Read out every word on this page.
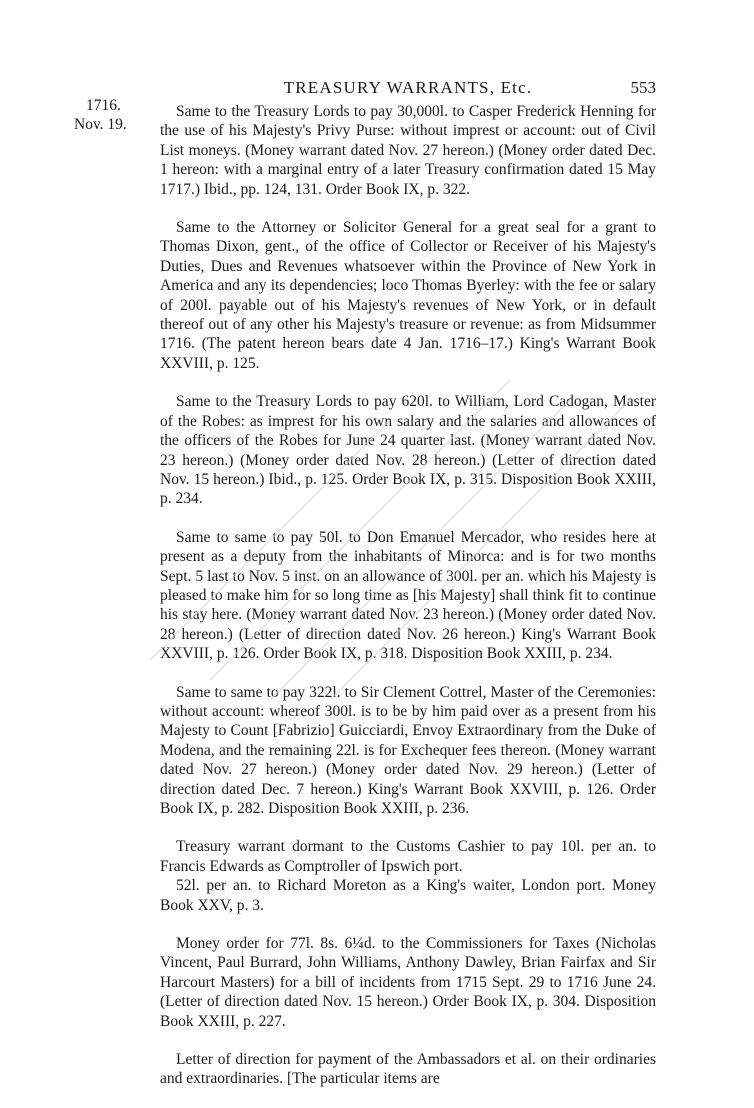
TREASURY WARRANTS, Etc.	553
1716.
Nov. 19.

Same to the Treasury Lords to pay 30,000l. to Casper Frederick Henning for the use of his Majesty's Privy Purse: without imprest or account: out of Civil List moneys. (Money warrant dated Nov. 27 hereon.) (Money order dated Dec. 1 hereon: with a marginal entry of a later Treasury confirmation dated 15 May 1717.) Ibid., pp. 124, 131. Order Book IX, p. 322.

Same to the Attorney or Solicitor General for a great seal for a grant to Thomas Dixon, gent., of the office of Collector or Receiver of his Majesty's Duties, Dues and Revenues whatsoever within the Province of New York in America and any its dependencies; loco Thomas Byerley: with the fee or salary of 200l. payable out of his Majesty's revenues of New York, or in default thereof out of any other his Majesty's treasure or revenue: as from Midsummer 1716. (The patent hereon bears date 4 Jan. 1716–17.) King's Warrant Book XXVIII, p. 125.

Same to the Treasury Lords to pay 620l. to William, Lord Cadogan, Master of the Robes: as imprest for his own salary and the salaries and allowances of the officers of the Robes for June 24 quarter last. (Money warrant dated Nov. 23 hereon.) (Money order dated Nov. 28 hereon.) (Letter of direction dated Nov. 15 hereon.) Ibid., p. 125. Order Book IX, p. 315. Disposition Book XXIII, p. 234.

Same to same to pay 50l. to Don Emanuel Mercador, who resides here at present as a deputy from the inhabitants of Minorca: and is for two months Sept. 5 last to Nov. 5 inst. on an allowance of 300l. per an. which his Majesty is pleased to make him for so long time as [his Majesty] shall think fit to continue his stay here. (Money warrant dated Nov. 23 hereon.) (Money order dated Nov. 28 hereon.) (Letter of direction dated Nov. 26 hereon.) King's Warrant Book XXVIII, p. 126. Order Book IX, p. 318. Disposition Book XXIII, p. 234.

Same to same to pay 322l. to Sir Clement Cottrel, Master of the Ceremonies: without account: whereof 300l. is to be by him paid over as a present from his Majesty to Count [Fabrizio] Guicciardi, Envoy Extraordinary from the Duke of Modena, and the remaining 22l. is for Exchequer fees thereon. (Money warrant dated Nov. 27 hereon.) (Money order dated Nov. 29 hereon.) (Letter of direction dated Dec. 7 hereon.) King's Warrant Book XXVIII, p. 126. Order Book IX, p. 282. Disposition Book XXIII, p. 236.

Treasury warrant dormant to the Customs Cashier to pay 10l. per an. to Francis Edwards as Comptroller of Ipswich port.

52l. per an. to Richard Moreton as a King's waiter, London port. Money Book XXV, p. 3.

Money order for 77l. 8s. 6¼d. to the Commissioners for Taxes (Nicholas Vincent, Paul Burrard, John Williams, Anthony Dawley, Brian Fairfax and Sir Harcourt Masters) for a bill of incidents from 1715 Sept. 29 to 1716 June 24. (Letter of direction dated Nov. 15 hereon.) Order Book IX, p. 304. Disposition Book XXIII, p. 227.

Letter of direction for payment of the Ambassadors et al. on their ordinaries and extraordinaries. [The particular items are
